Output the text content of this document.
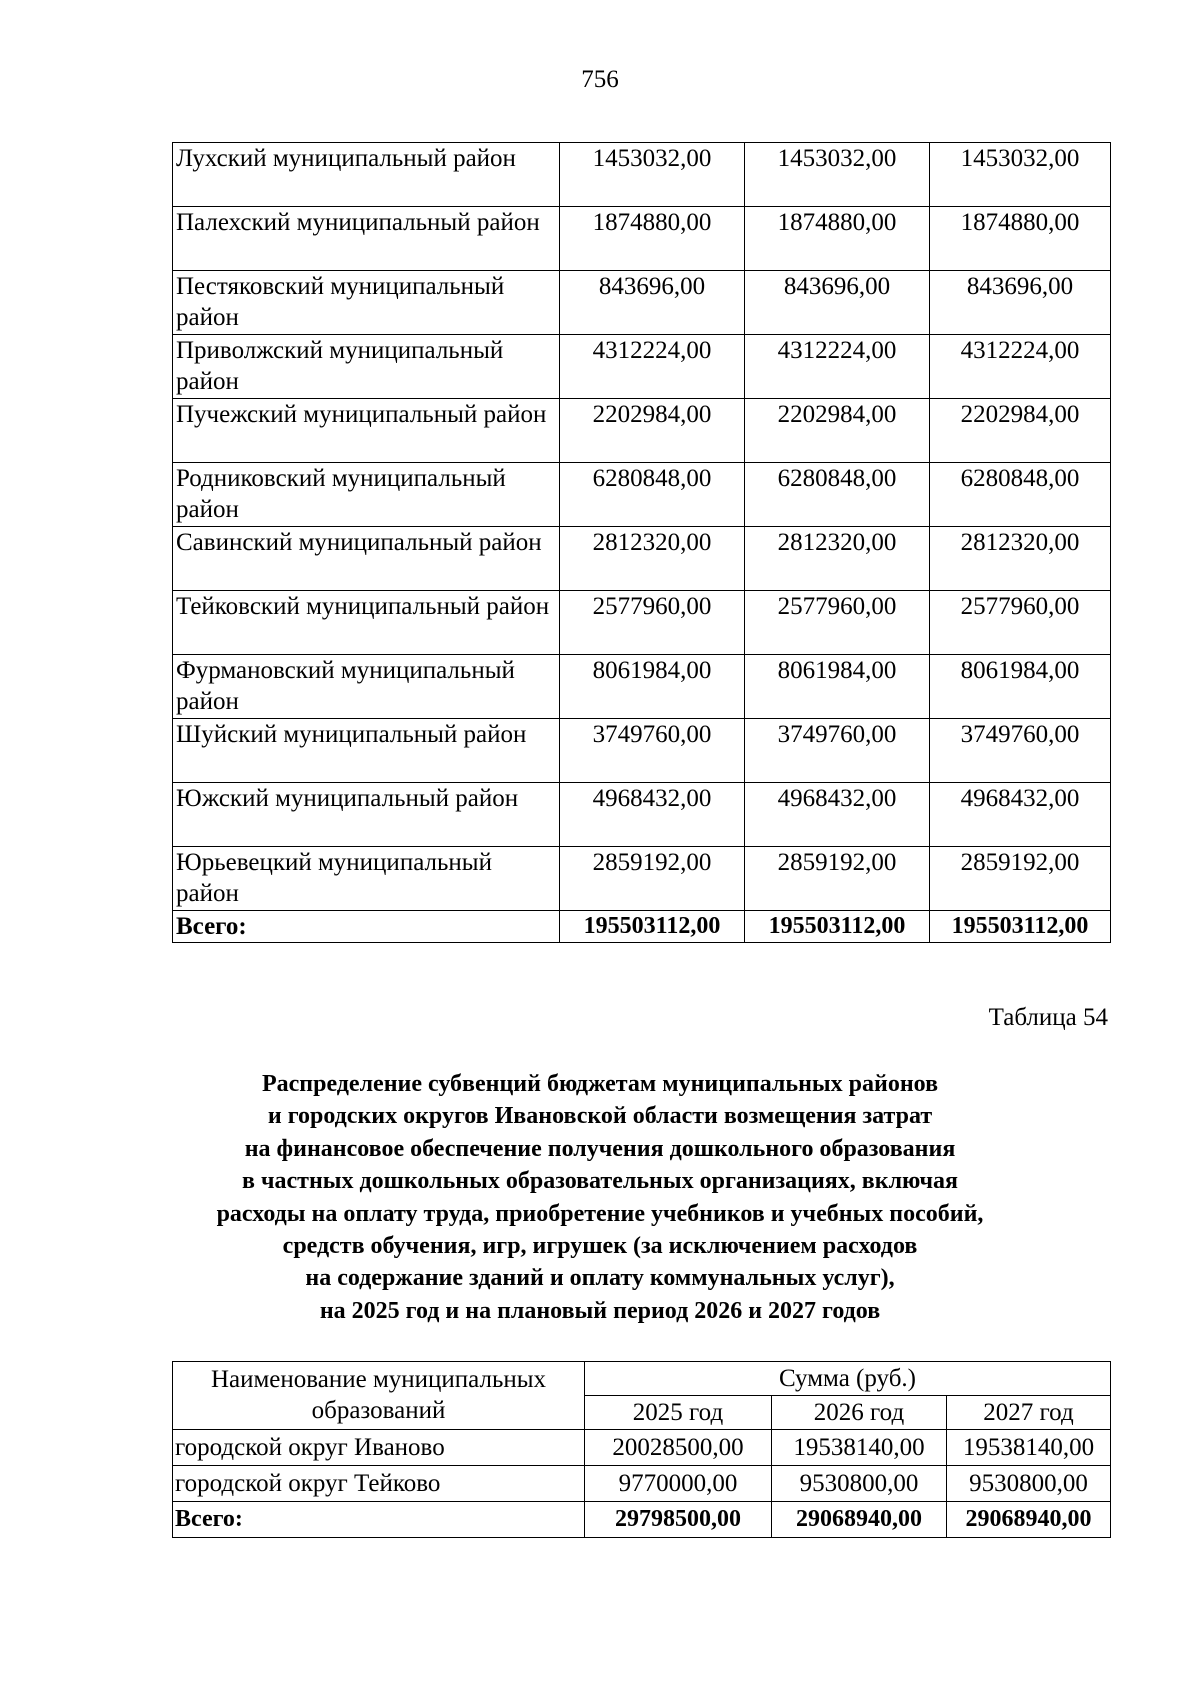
756
Лухский муниципальный район	1453032,00	1453032,00	1453032,00
Палехский муниципальный район	1874880,00	1874880,00	1874880,00
Пестяковский муниципальный район	843696,00	843696,00	843696,00
Приволжский муниципальный район	4312224,00	4312224,00	4312224,00
Пучежский муниципальный район	2202984,00	2202984,00	2202984,00
Родниковский муниципальный район	6280848,00	6280848,00	6280848,00
Савинский муниципальный район	2812320,00	2812320,00	2812320,00
Тейковский муниципальный район	2577960,00	2577960,00	2577960,00
Фурмановский муниципальный район	8061984,00	8061984,00	8061984,00
Шуйский муниципальный район	3749760,00	3749760,00	3749760,00
Южский муниципальный район	4968432,00	4968432,00	4968432,00
Юрьевецкий муниципальный район	2859192,00	2859192,00	2859192,00
Всего:	195503112,00	195503112,00	195503112,00
Таблица 54
Распределение субвенций бюджетам муниципальных районов
и городских округов Ивановской области возмещения затрат
на финансовое обеспечение получения дошкольного образования
в частных дошкольных образовательных организациях, включая
расходы на оплату труда, приобретение учебников и учебных пособий,
средств обучения, игр, игрушек (за исключением расходов
на содержание зданий и оплату коммунальных услуг),
на 2025 год и на плановый период 2026 и 2027 годов
Наименование муниципальных образований	Сумма (руб.)		
	2025 год	2026 год	2027 год
городской округ Иваново	20028500,00	19538140,00	19538140,00
городской округ Тейково	9770000,00	9530800,00	9530800,00
Всего:	29798500,00	29068940,00	29068940,00
